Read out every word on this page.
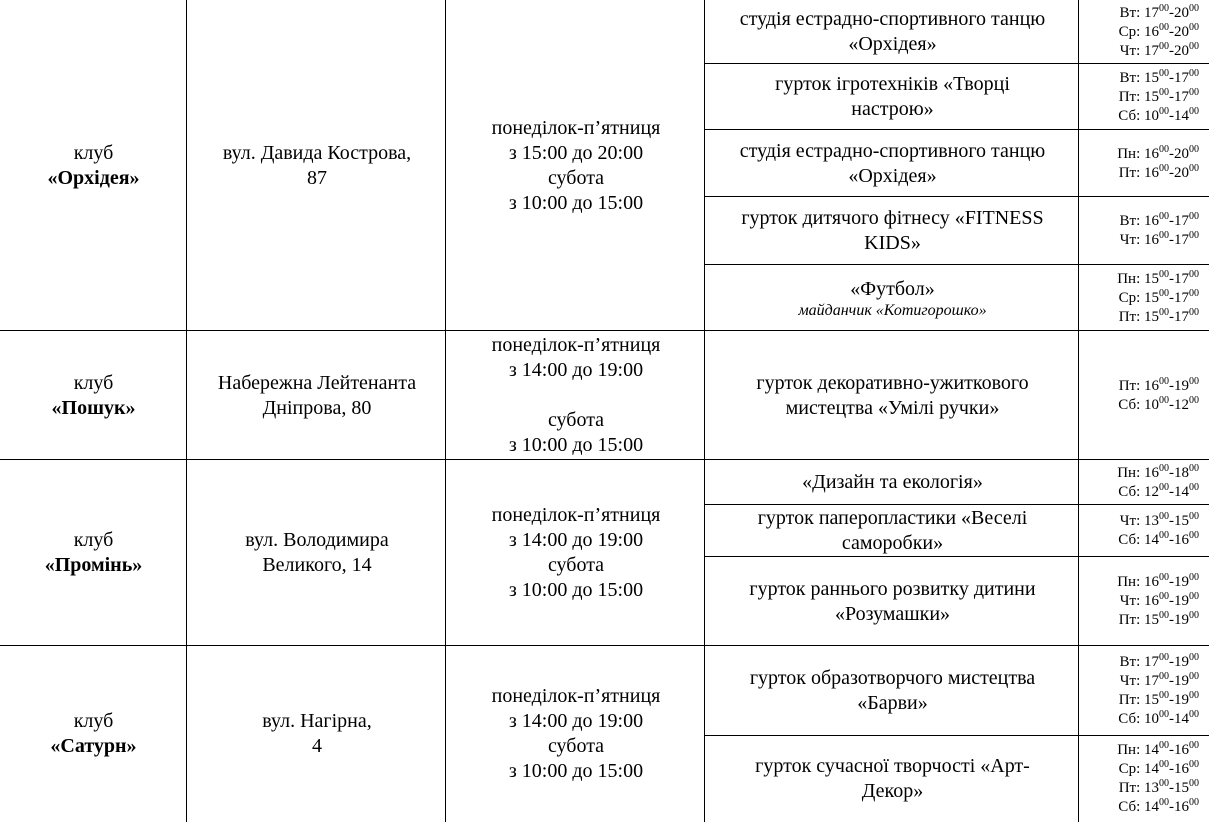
клуб
«Орхідея»
вул. Давида Кострова,
87
понеділок-п’ятниця
з 15:00 до 20:00
субота
з 10:00 до 15:00
студія естрадно-спортивного танцю
«Орхідея»
Вт: $17^{00}-20^{00}$
Ср: $16^{00}-20^{00}$
Чт: $17^{00}-20^{00}$
гурток ігротехніків «Творці
настрою»
Вт: $15^{00}-17^{00}$
Пт: $15^{00}-17^{00}$
Сб: $10^{00}-14^{00}$
студія естрадно-спортивного танцю
«Орхідея»
Пн: $16^{00}-20^{00}$
Пт: $16^{00}-20^{00}$
гурток дитячого фітнесу «FITNESS
KIDS»
Вт: $16^{00}-17^{00}$
Чт: $16^{00}-17^{00}$
«Футбол»
майданчик «Котигорошко»
Пн: $15^{00}-17^{00}$
Ср: $15^{00}-17^{00}$
Пт: $15^{00}-17^{00}$
клуб
«Пошук»
Набережна Лейтенанта
Дніпрова, 80
понеділок-п’ятниця
з 14:00 до 19:00
субота
з 10:00 до 15:00
гурток декоративно-ужиткового
мистецтва «Умілі ручки»
Пт: $16^{00}-19^{00}$
Сб: $10^{00}-12^{00}$
клуб
«Промінь»
вул. Володимира
Великого, 14
понеділок-п’ятниця
з 14:00 до 19:00
субота
з 10:00 до 15:00
«Дизайн та екологія»	Пн: $16^{00}-18^{00}$
Сб: $12^{00}-14^{00}$
гурток паперопластики «Веселі
саморобки»
Чт: $13^{00}-15^{00}$
Сб: $14^{00}-16^{00}$
гурток раннього розвитку дитини
«Розумашки»
Пн: $16^{00}-19^{00}$
Чт: $16^{00}-19^{00}$
Пт: $15^{00}-19^{00}$
клуб
«Сатурн»
вул. Нагірна,
4
понеділок-п’ятниця
з 14:00 до 19:00
субота
з 10:00 до 15:00
гурток образотворчого мистецтва
«Барви»
Вт: $17^{00}-19^{00}$
Чт: $17^{00}-19^{00}$
Пт: $15^{00}-19^{00}$
Сб: $10^{00}-14^{00}$
гурток сучасної творчості «Арт-
Декор»
Пн: $14^{00}-16^{00}$
Ср: $14^{00}-16^{00}$
Пт: $13^{00}-15^{00}$
Сб: $14^{00}-16^{00}$
